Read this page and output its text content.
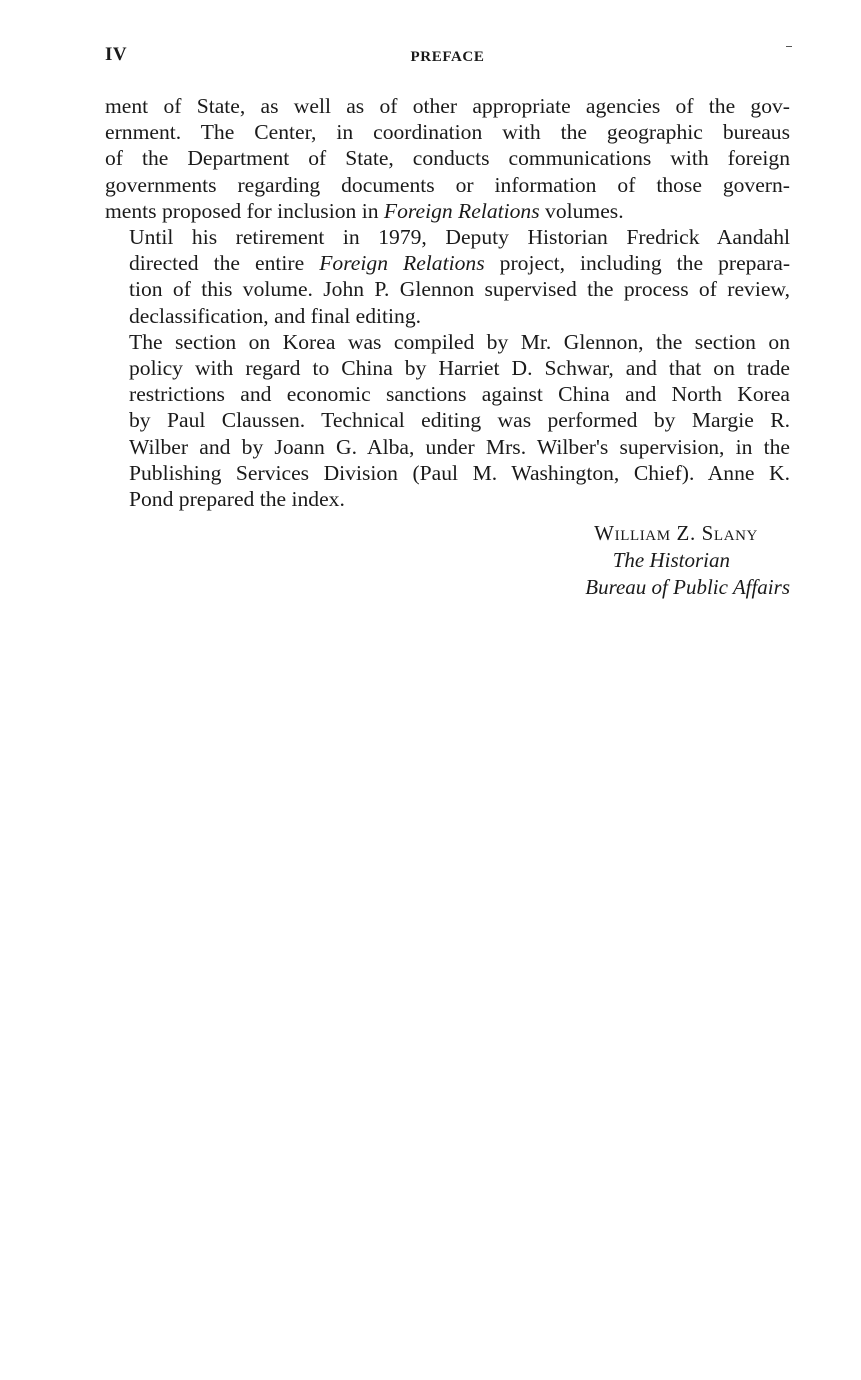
IV	PREFACE

ment of State, as well as of other appropriate agencies of the gov-
ernment. The Center, in coordination with the geographic bureaus
of the Department of State, conducts communications with foreign
governments regarding documents or information of those govern-
ments proposed for inclusion in Foreign Relations volumes.

Until his retirement in 1979, Deputy Historian Fredrick Aandahl
directed the entire Foreign Relations project, including the prepara-
tion of this volume. John P. Glennon supervised the process of review,
declassification, and final editing.

The section on Korea was compiled by Mr. Glennon, the section on
policy with regard to China by Harriet D. Schwar, and that on trade
restrictions and economic sanctions against China and North Korea
by Paul Claussen. Technical editing was performed by Margie R.
Wilber and by Joann G. Alba, under Mrs. Wilber's supervision, in the
Publishing Services Division (Paul M. Washington, Chief). Anne K.
Pond prepared the index.

William Z. Slany
The Historian
Bureau of Public Affairs
